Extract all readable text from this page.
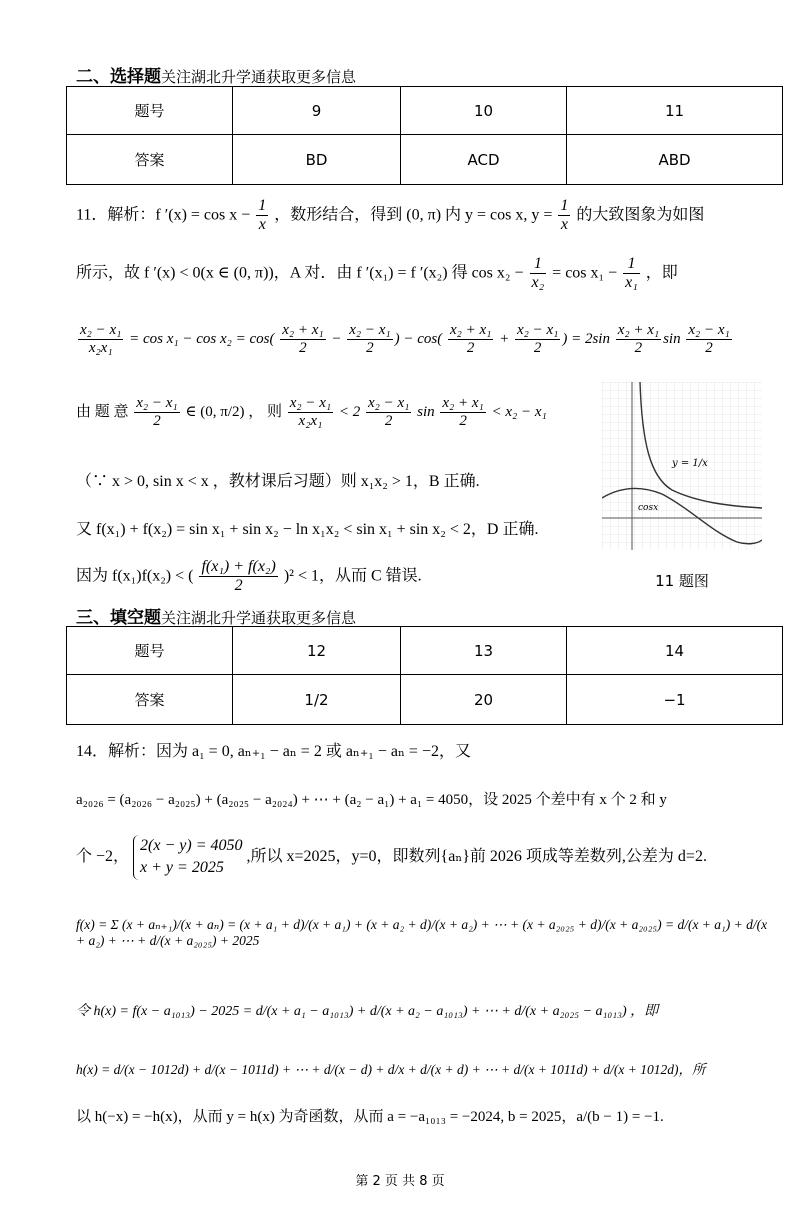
二、选择题关注湖北升学通获取更多信息
题号	9	10	11
答案	BD	ACD	ABD
11．解析：f $'(x) = \cos x - \frac{1}{x}$ ，数形结合，得到 (0, π) 内 y = cos x, $y = \frac{1}{x}$ 的大致图象为如图
所示，故 f ′(x) < 0(x ∈ (0, π))，A 对．由 f ′(x₁) = f ′(x₂) 得 $\cos x_2 - \frac{1}{\text{x₂}} = \cos x_1 - \frac{1}{\text{x₁}}$ ，即
$\frac{\text{x₂ − x₁}}{\text{x₂x₁}} = \cos x_1 - \cos x_2 = \cos( \frac{\text{x₂ + x₁}}{2} - \frac{\text{x₂ − x₁}}{2}$ ) − $\cos( \frac{\text{x₂ + x₁}}{2} + \frac{\text{x₂ − x₁}}{2}$ ) = $2\sin \frac{\text{x₂ + x₁}}{2}$ $\sin \frac{\text{x₂ − x₁}}{2}$
由 题 意 $\frac{\text{x₂ − x₁}}{2}$ ∈ (0, π/2) ， 则 $\frac{\text{x₂ − x₁}}{\text{x₂x₁}} < 2 \frac{\text{x₂ − x₁}}{2}$ $\sin \frac{\text{x₂ + x₁}}{2} < x_2 - x_1$
（∵ x > 0, sin x < x ，教材课后习题）则 x₁x₂ > 1，B 正确.
又 f(x₁) + f(x₂) = sin x₁ + sin x₂ − ln x₁x₂ < sin x₁ + sin x₂ < 2，D 正确.
因为 f(x₁)f(x₂) < ( $\frac{\text{f(x₁) + f(x₂)}}{2} )^2 < 1$，从而 C 错误.
y = 1/x
cosx
11 题图
三、填空题关注湖北升学通获取更多信息
题号	12	13	14
答案	1/2	20	−1
14．解析：因为 a₁ = 0, aₙ₊₁ − aₙ = 2 或 aₙ₊₁ − aₙ = −2，又
a₂₀₂₆ = (a₂₀₂₆ − a₂₀₂₅) + (a₂₀₂₅ − a₂₀₂₄) + ⋯ + (a₂ − a₁) + a₁ = 4050，设 2025 个差中有 x 个 2 和 y
个 −2，
2(x − y) = 4050
x + y = 2025
,所以 x=2025，y=0，即数列{aₙ}前 2026 项成等差数列,公差为 d=2.
f(x) = Σ (x + aₙ₊₁)/(x + aₙ) = (x + a₁ + d)/(x + a₁) + (x + a₂ + d)/(x + a₂) + ⋯ + (x + a₂₀₂₅ + d)/(x + a₂₀₂₅) = d/(x + a₁) + d/(x + a₂) + ⋯ + d/(x + a₂₀₂₅) + 2025
令 h(x) = f(x − a₁₀₁₃) − 2025 = d/(x + a₁ − a₁₀₁₃) + d/(x + a₂ − a₁₀₁₃) + ⋯ + d/(x + a₂₀₂₅ − a₁₀₁₃) ，即
h(x) = d/(x − 1012d) + d/(x − 1011d) + ⋯ + d/(x − d) + d/x + d/(x + d) + ⋯ + d/(x + 1011d) + d/(x + 1012d)，所
以 h(−x) = −h(x)，从而 y = h(x) 为奇函数，从而 a = −a₁₀₁₃ = −2024, b = 2025，a/(b − 1) = −1.
第 2 页 共 8 页
